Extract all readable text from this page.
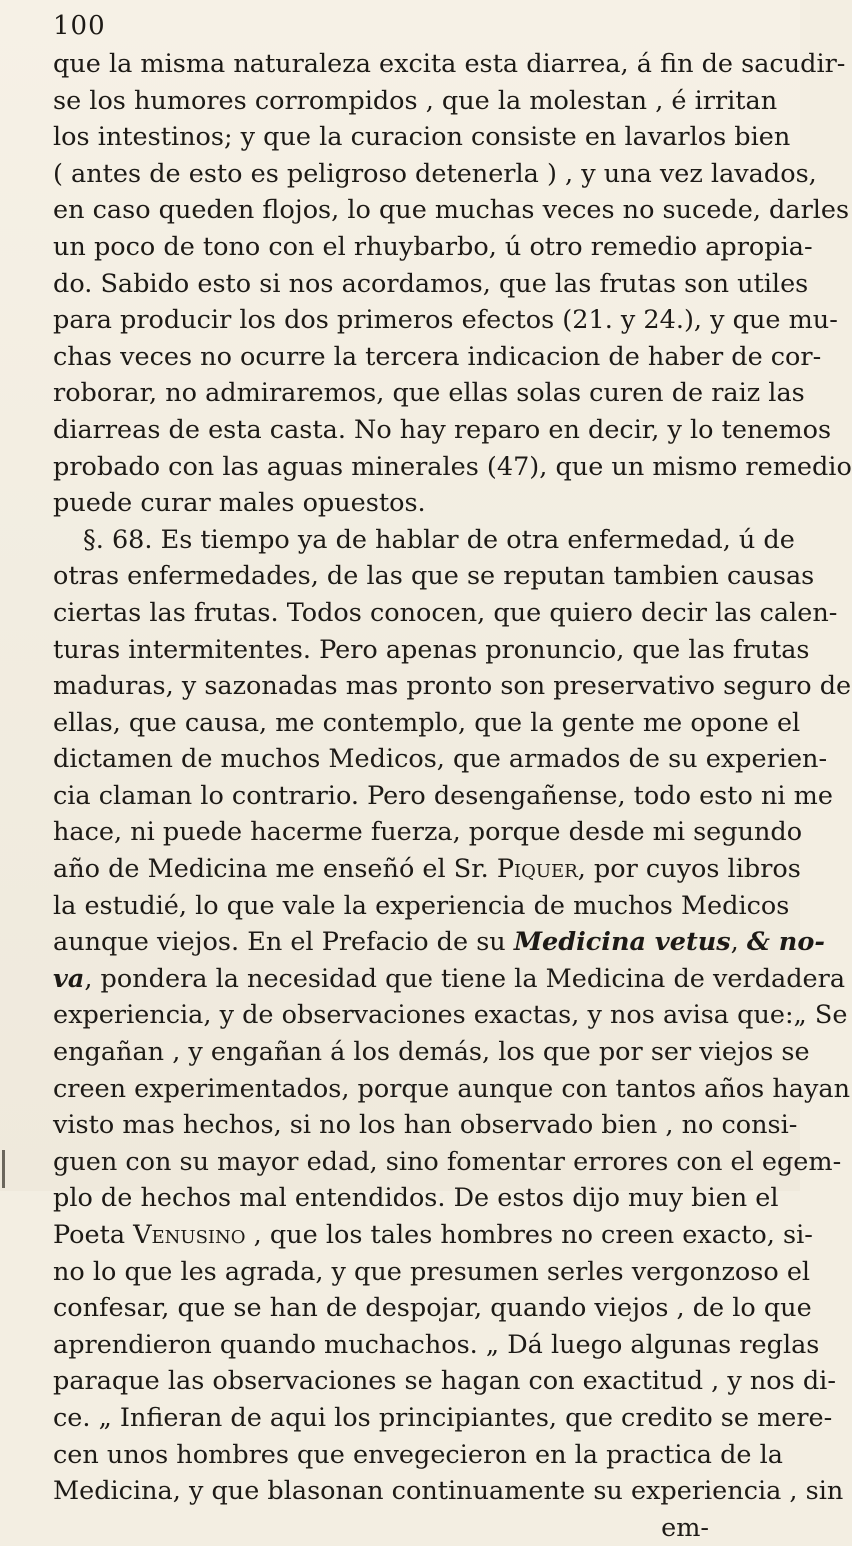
100
que la misma naturaleza excita esta diarrea, á fin de sacudir-
se los humores corrompidos , que la molestan , é irritan
los intestinos; y que la curacion consiste en lavarlos bien
( antes de esto es peligroso detenerla ) , y una vez lavados,
en caso queden flojos, lo que muchas veces no sucede, darles
un poco de tono con el rhuybarbo, ú otro remedio apropia-
do. Sabido esto si nos acordamos, que las frutas son utiles
para producir los dos primeros efectos (21. y 24.), y que mu-
chas veces no ocurre la tercera indicacion de haber de cor-
roborar, no admiraremos, que ellas solas curen de raiz las
diarreas de esta casta. No hay reparo en decir, y lo tenemos
probado con las aguas minerales (47), que un mismo remedio
puede curar males opuestos.
§. 68. Es tiempo ya de hablar de otra enfermedad, ú de
otras enfermedades, de las que se reputan tambien causas
ciertas las frutas. Todos conocen, que quiero decir las calen-
turas intermitentes. Pero apenas pronuncio, que las frutas
maduras, y sazonadas mas pronto son preservativo seguro de
ellas, que causa, me contemplo, que la gente me opone el
dictamen de muchos Medicos, que armados de su experien-
cia claman lo contrario. Pero desengañense, todo esto ni me
hace, ni puede hacerme fuerza, porque desde mi segundo
año de Medicina me enseñó el Sr. Piquer, por cuyos libros
la estudié, lo que vale la experiencia de muchos Medicos
aunque viejos. En el Prefacio de su Medicina vetus, & no-
va, pondera la necesidad que tiene la Medicina de verdadera
experiencia, y de observaciones exactas, y nos avisa que:„ Se
engañan , y engañan á los demás, los que por ser viejos se
creen experimentados, porque aunque con tantos años hayan
visto mas hechos, si no los han observado bien , no consi-
guen con su mayor edad, sino fomentar errores con el egem-
plo de hechos mal entendidos. De estos dijo muy bien el
Poeta Venusino , que los tales hombres no creen exacto, si-
no lo que les agrada, y que presumen serles vergonzoso el
confesar, que se han de despojar, quando viejos , de lo que
aprendieron quando muchachos. „ Dá luego algunas reglas
paraque las observaciones se hagan con exactitud , y nos di-
ce. „ Infieran de aqui los principiantes, que credito se mere-
cen unos hombres que envegecieron en la practica de la
Medicina, y que blasonan continuamente su experiencia , sin
em-
